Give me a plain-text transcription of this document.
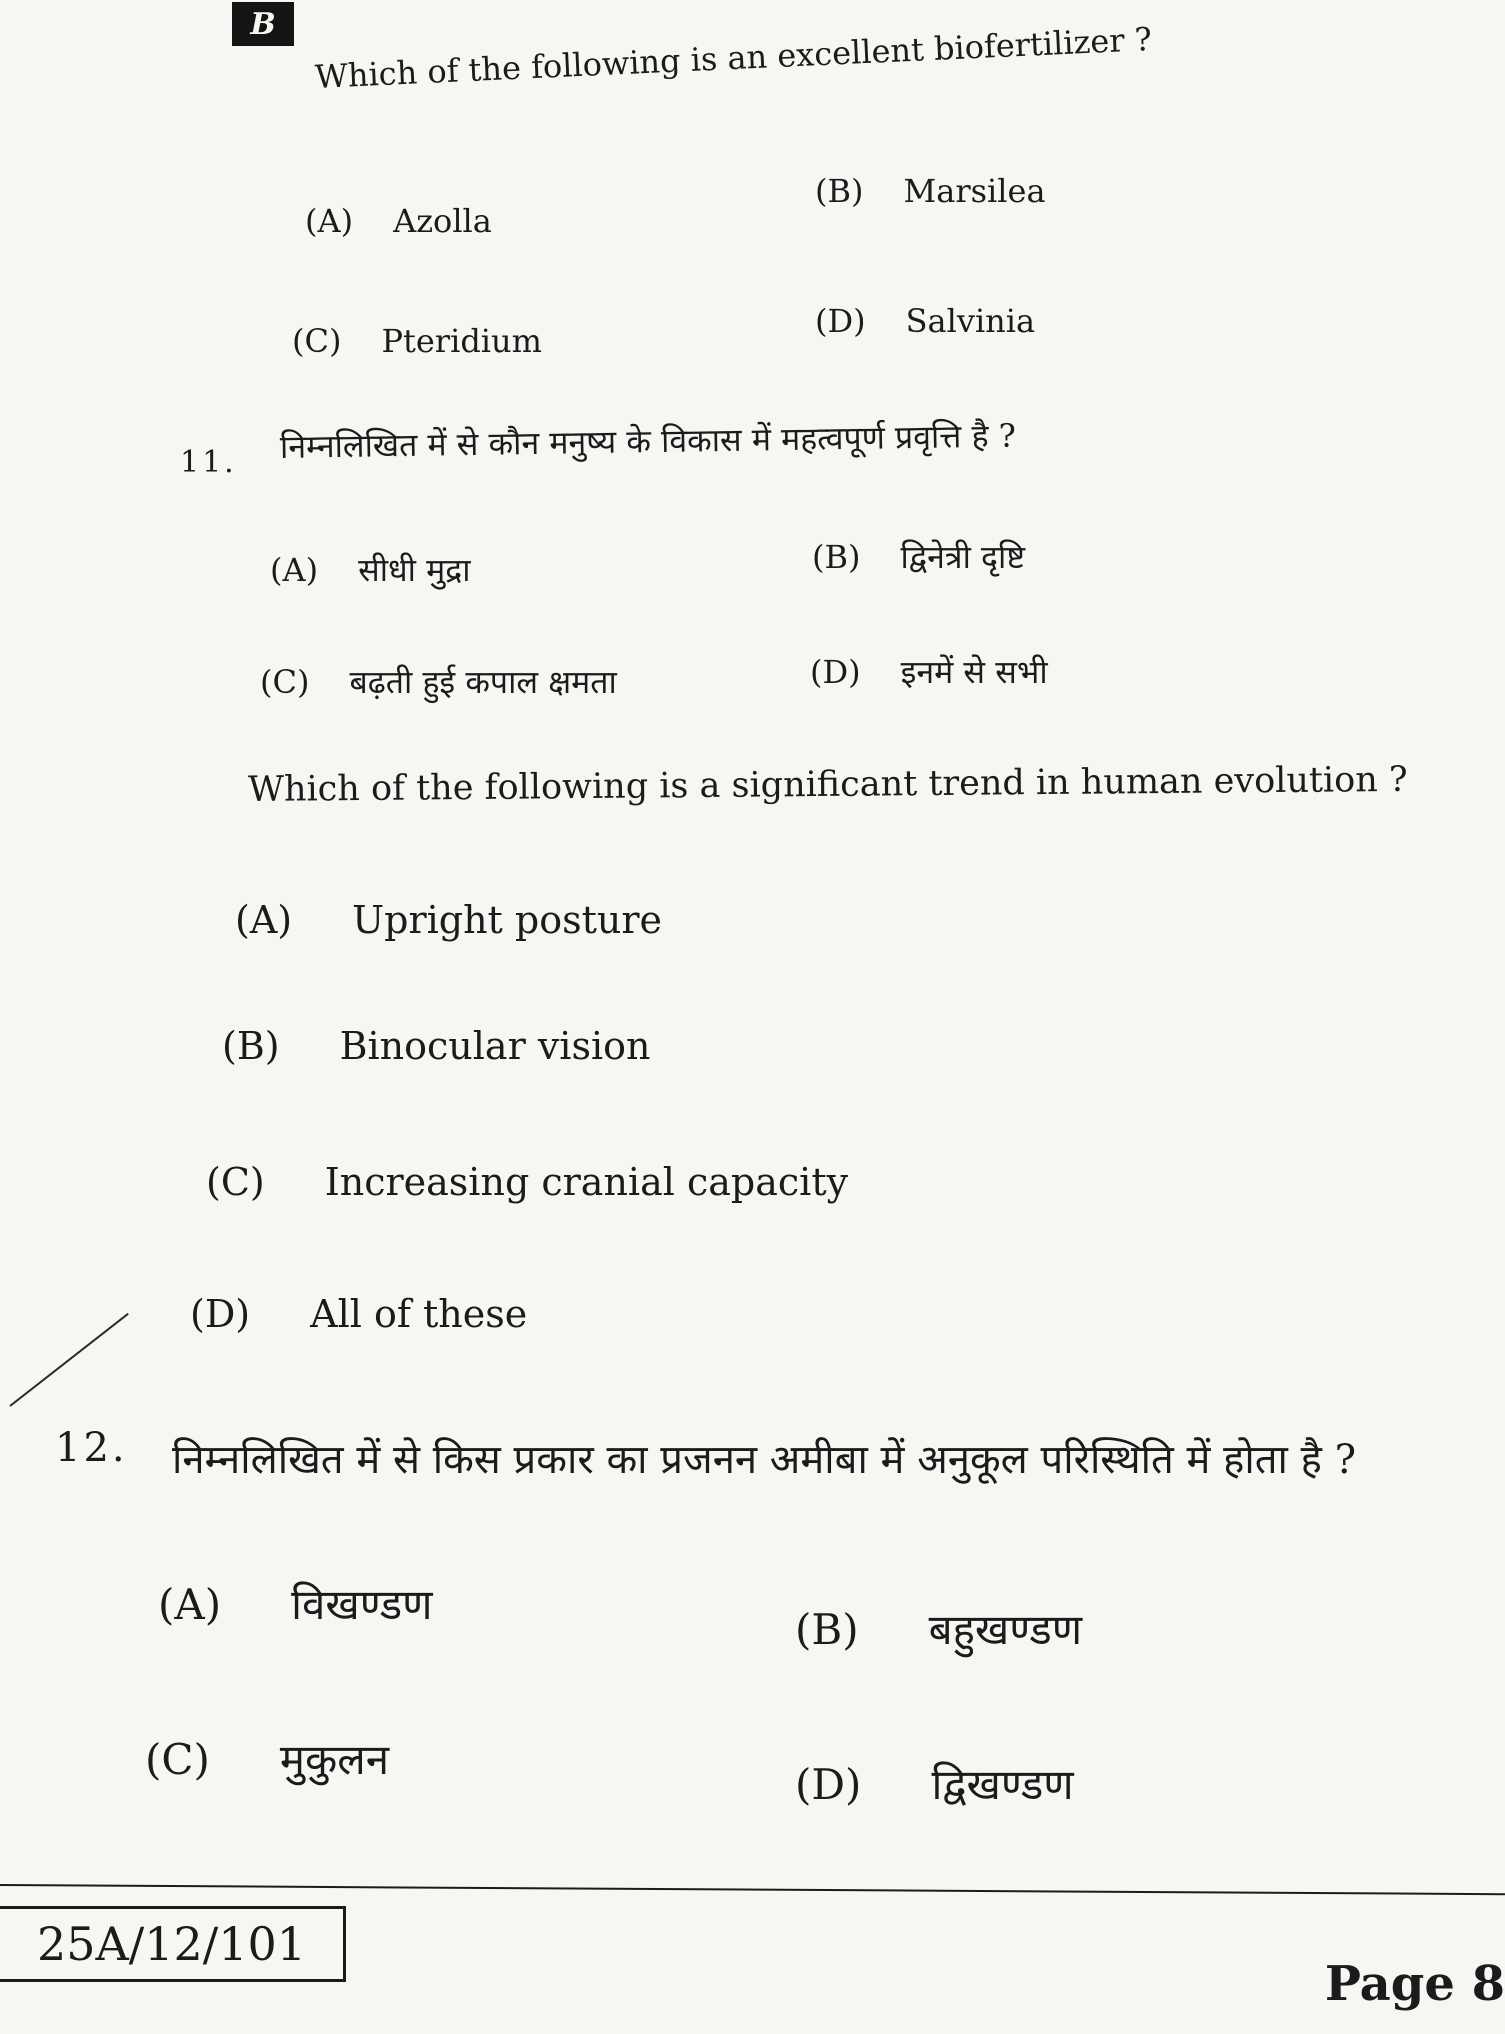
B	Which of the following is an excellent biofertilizer ?
(A) Azolla
(B) Marsilea
(C) Pteridium
(D) Salvinia
11. निम्नलिखित में से कौन मनुष्य के विकास में महत्वपूर्ण प्रवृत्ति है ?
(A) सीधी मुद्रा	(B) द्विनेत्री दृष्टि
(C) बढ़ती हुई कपाल क्षमता	(D) इनमें से सभी
Which of the following is a significant trend in human evolution ?
(A) Upright posture
(B) Binocular vision
(C) Increasing cranial capacity
(D) All of these
12. निम्नलिखित में से किस प्रकार का प्रजनन अमीबा में अनुकूल परिस्थिति में होता है ?
(A) विखण्डण
(B) बहुखण्डण
(C) मुकुलन
(D) द्विखण्डण
25A/12/101
Page 8
